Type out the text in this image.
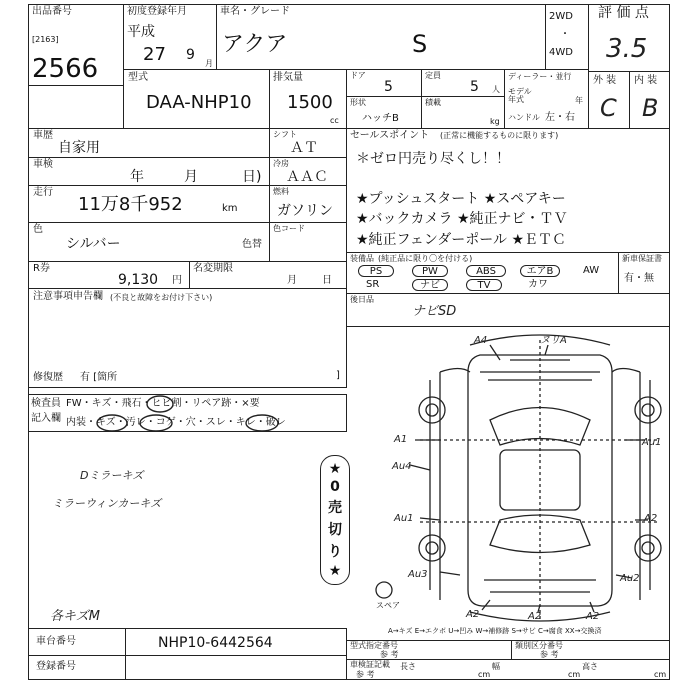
出品番号
[2163]
2566
初度登録年月
平成
27 9
月
車名・グレード
アクア	S
2WD
・
4WD
評 価 点
3.5
外 装 内 装
C B
型式
DAA-NHP10
排気量
1500
cc
ドア
5
定員
5 人
ディーラー・並行
モデル年式	年
ハンドル 左・右
形状
ハッチB
積載
kg
車歴
自家用
シフト
ＡＴ
車検
年	月	日)
冷房
ＡＡＣ
走行
11万8千952	km
燃料
ガソリン
色
シルバー	色替
色コード
R券
9,130 円
名変期限
月	日
セールスポイント (正常に機能するものに限ります)
＊ゼロ円売り尽くし！！
★プッシュスタート ★スペアキー
★バックカメラ ★純正ナビ・ＴＶ
★純正フェンダーポール ★ＥＴＣ
装備品 (純正品に限り〇を付ける)
PS	PW	ABS	エアB	AW
SR	ナビ	TV	カワ
新車保証書
有・無
後日品
ナビSD
注意事項申告欄 (不良と故障をお付け下さい)
修復歴 有 [箇所	]
検査員
記入欄
FW・キズ・飛石・ヒビ割・リペア跡・×要
内装・キズ・汚レ・コゲ・穴・スレ・キレ・破レ
Dミラーキズ
ミラーウィンカーキズ
各キズM
★
0
売
切
り
★
A4	ヌリA
A1	Au1
Au4
Au1	A2
Au3	Au2
A2	A2	A2
スペア
A→キズ E→エクボ U→凹み W→補修跡 S→サビ C→腐食 XX→交換済
車台番号	NHP10-6442564
登録番号
型式指定番号
参 考
類別区分番号
参 考
車検証記載
参 考
長さ
cm
幅
cm
高さ
cm
